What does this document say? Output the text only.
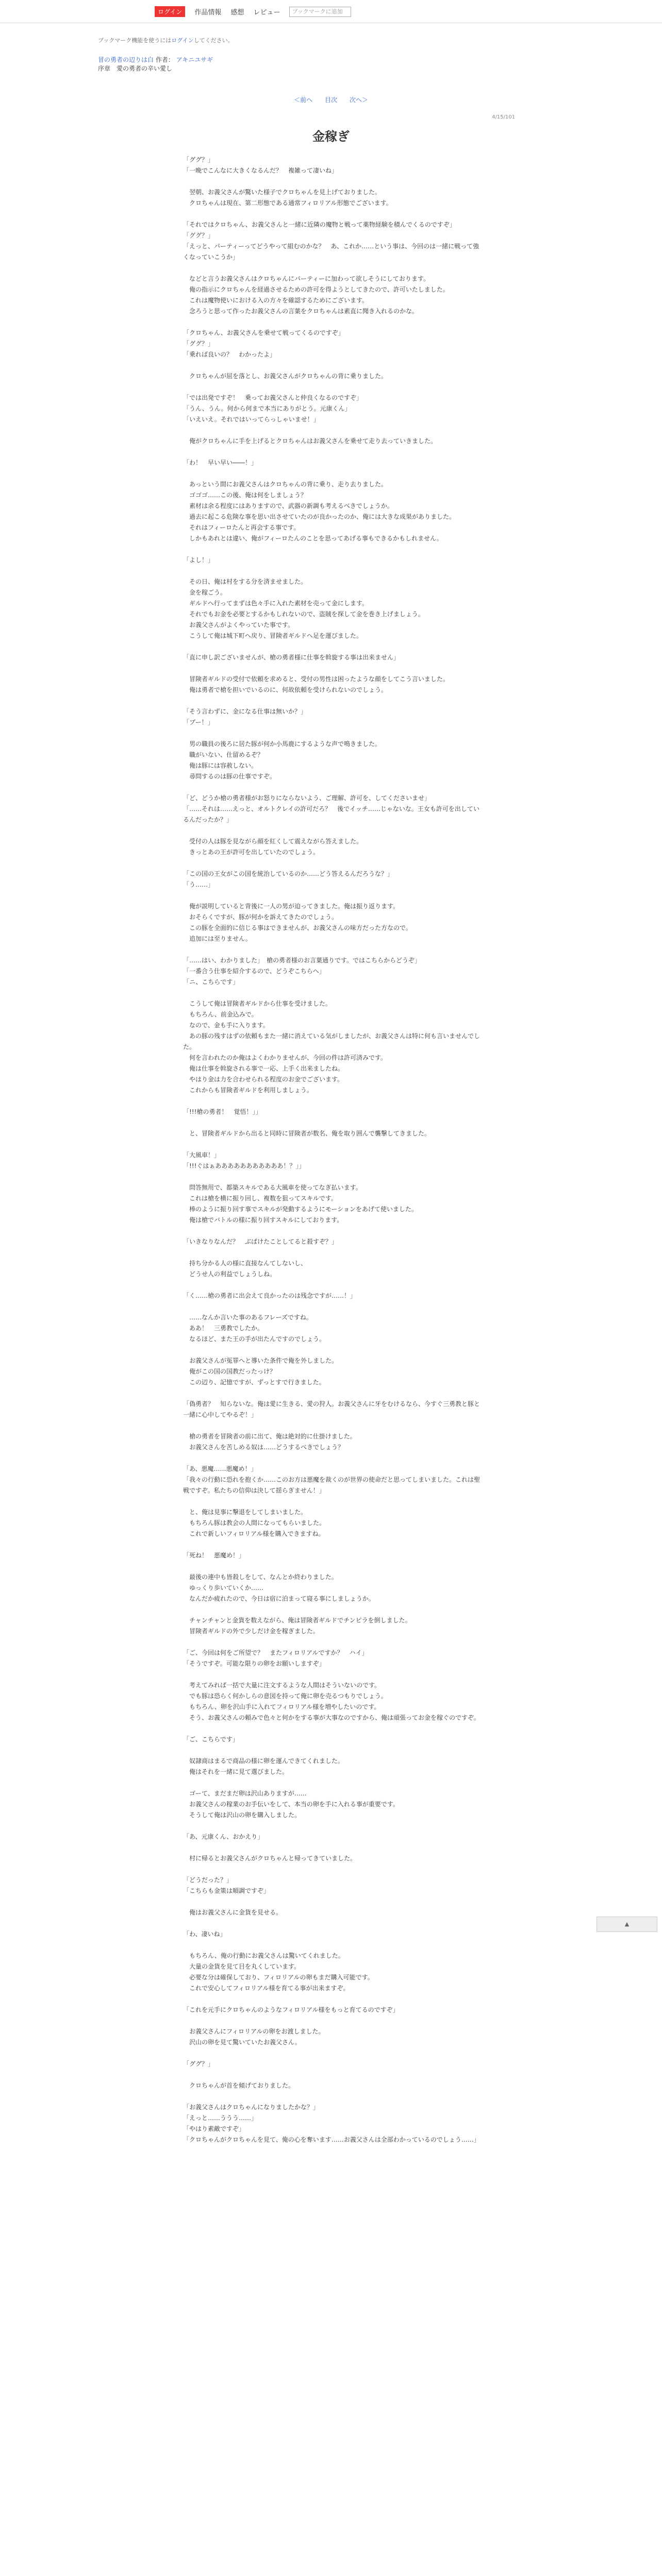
ログイン	作品情報 感想 レビュー	ブックマークに追加
ブックマーク機能を使うにはログインしてください。
冒の勇者の辺りは白 作者： アキニユサギ
序章　愛の勇者の辛い愛し
＜前へ 目次 次へ＞
4/15/101
金稼ぎ

「ググ？」

「一晩でこんなに大きくなるんだ？　複雑って凄いね」

　翌朝、お義父さんが驚いた様子でクロちゃんを見上げておりました。

　クロちゃんは現在、第二形態である通常フィロリアル形態でございます。

「それではクロちゃん、お義父さんと一緒に近隣の魔物と戦って薬物経験を積んでくるのですぞ」

「ググ？」

「えっと、パーティーってどうやって組むのかな？　あ、これか……という事は、今回のは一緒に戦って強くなっていこうか」

　などと言うお義父さんはクロちゃんにパーティーに加わって欲しそうにしております。

　俺の指示にクロちゃんを経過させるための許可を得ようとしてきたので、許可いたしました。

　これは魔物使いにおける入の方々を確認するためにございます。

　念ろうと思って作ったお義父さんの言葉をクロちゃんは素直に聞き入れるのかな。

「クロちゃん、お義父さんを乗せて戦ってくるのですぞ」

「ググ？」

「乗れば良いの？　わかったよ」

　クロちゃんが屈を落とし、お義父さんがクロちゃんの背に乗りました。

「では出発ですぞ！　乗ってお義父さんと仲良くなるのですぞ」

「うん、うん。何から何まで本当にありがとう。元康くん」

「いえいえ。それではいってらっしゃいませ！」

　俺がクロちゃんに手を上げるとクロちゃんはお義父さんを乗せて走り去っていきました。

「わ！　早い早い――！」

　あっという間にお義父さんはクロちゃんの背に乗り、走り去りました。

　ゴゴゴ……この後、俺は何をしましょう？

　素材は余る程度にはありますので、武器の新調も考えるべきでしょうか。

　過去に起こる危険な事を思い出させていたのが良かったのか、俺には大きな成果がありました。

　それはフィーロたんと再会する事です。

　しかもあれとは違い、俺がフィーロたんのことを思ってあげる事もできるかもしれません。

「よし！」

　その日、俺は村をする分を済ませました。

　金を稼ごう。

　ギルドへ行ってまずは色々手に入れた素材を売って金にします。

　それでもお金を必要とするかもしれないので、盗賊を探して金を巻き上げましょう。

　お義父さんがよくやっていた事です。

　こうして俺は城下町へ戻り、冒険者ギルドへ足を運びました。

「直に申し訳ございませんが、槍の勇者様に仕事を斡旋する事は出来ません」

　冒険者ギルドの受付で依頼を求めると、受付の男性は困ったような顔をしてこう言いました。

　俺は勇者で槍を担いでいるのに、何故依頼を受けられないのでしょう。

「そう言わずに、金になる仕事は無いか？」

「ブー！」

　男の職員の後ろに居た豚が何か小馬鹿にするような声で鳴きました。

　職がいない、仕留めるぞ？

　俺は豚には容赦しない。

　尋問するのは豚の仕事ですぞ。

「ど、どうか槍の勇者様がお怒りにならないよう、ご理解、許可を、してくださいませ」

「……それは……えっと、オルトクレイの許可だろ？　後でイッチ……じゃないな。王女も許可を出しているんだったか？」

　受付の人は豚を見ながら顔を紅くして震えながら答えました。

　きっとあの王が許可を出していたのでしょう。

「この国の王女がこの国を統治しているのか……どう答えるんだろうな？」

「う……」

　俺が説明していると背後に一人の男が迫ってきました。俺は振り返ります。

　おそらくですが、豚が何かを訴えてきたのでしょう。

　この豚を全面的に信じる事はできませんが、お義父さんの味方だった方なので。

　追加には至りません。

「……はい、わかりました」　槍の勇者様のお言葉通りです。ではこちらからどうぞ」

「一番合う仕事を紹介するので、どうぞこちらへ」

「ニ、こちらです」

　こうして俺は冒険者ギルドから仕事を受けました。

　もちろん、前金込みで。

　なので、金も手に入ります。

　あの豚の残すはずの依頼もまた一緒に消えている気がしましたが、お義父さんは特に何も言いませんでした。

　何を言われたのか俺はよくわかりませんが、今回の件は許可済みです。

　俺は仕事を斡旋される事で一応、上手く出来ましたね。

　やはり金は力を合わせられる程度のお金でございます。

　これからも冒険者ギルドを利用しましょう。

「!!!槍の勇者！　覚悟！」」

　と、冒険者ギルドから出ると同時に冒険者が数名、俺を取り囲んで襲撃してきました。

「大風車！」

「!!!ぐはぁあああああああああああ！？」」

　問答無用で、都築スキルである大風車を使ってなぎ払います。

　これは槍を横に振り回し、複数を狙ってスキルです。

　棒のように振り回す事でスキルが発動するようにモーションをあげて使いました。

　俺は槍でバトルの様に振り回すスキルにしております。

「いきなりなんだ？　ぶぱけたことしてると殺すぞ？」

　持ち分かる人の様に直接なんてしないし、

　どうせ人の利益でしょうしね。

「く……槍の勇者に出会えて良かったのは残念ですが……！」

　……なんか言いた事のあるフレーズですね。

　ああ！　三勇教でしたか。

　なるほど、また王の手が出たんですのでしょう。

　お義父さんが冤罪へと導いた条件で俺を外しました。

　俺がこの国の国教だったっけ？

　この辺り、記憶ですが、ずっとすで行きました。

「偽勇者？　知らないな。俺は愛に生きる、愛の狩人。お義父さんに牙をむけるなら、今すぐ三勇教と豚と一緒に心中してやるぞ！」

　槍の勇者を冒険者の前に出て、俺は絶対的に仕掛けました。

　お義父さんを苦しめる奴は……どうするべきでしょう？

「あ、悪魔……悪魔め！」

「我々の行動に恐れを抱くか……このお方は悪魔を裁くのが世界の使命だと思ってしまいました。これは聖戦ですぞ。私たちの信仰は決して揺らぎません！」

　と、俺は見事に撃退をしてしまいました。

　もちろん豚は教会の人間になってもらいました。

　これで新しいフィロリアル様を購入できますね。

「死ね！　悪魔め！」

　最後の連中も皆殺しをして、なんとか終わりました。

　ゆっくり歩いていくか……

　なんだか疲れたので、今日は宿に泊まって寝る事にしましょうか。

　チャンチャンと金貨を数えながら、俺は冒険者ギルドでチンピラを倒しました。

　冒険者ギルドの外で少しだけ金を稼ぎました。

「ご、今回は何をご所望で？　またフィロリアルですか？　ハイ」

「そうですぞ。可能な限りの卵をお願いしますぞ」

　考えてみれば一括で大量に注文するような人間はそういないのです。

　でも豚は恐らく何かしらの意図を持って俺に卵を売るつもりでしょう。

　もちろん、卵を沢山手に入れてフィロリアル様を増やしたいのです。

　そう、お義父さんの頼みで色々と何かをする事が大事なのですから、俺は頑張ってお金を稼ぐのですぞ。

「ご、こちらです」

　奴隷商はまるで商品の様に卵を運んできてくれました。

　俺はそれを一緒に見て選びました。

　ゴーて、まだまだ卵は沢山ありますが……

　お義父さんの稼業のお手伝いをして、本当の卵を手に入れる事が重要です。

　そうして俺は沢山の卵を購入しました。

「あ、元康くん、おかえり」

　村に帰るとお義父さんがクロちゃんと帰ってきていました。

「どうだった？」

「こちらも金策は順調ですぞ」

　俺はお義父さんに金貨を見せる。

「わ、凄いね」

　もちろん、俺の行動にお義父さんは驚いてくれました。

　大量の金貨を見て目を丸くしています。

　必要な分は確保しており、フィロリアルの卵もまだ購入可能です。

　これで安心してフィロリアル様を育てる事が出来ますぞ。

「これを元手にクロちゃんのようなフィロリアル様をもっと育てるのですぞ」

　お義父さんにフィロリアルの卵をお渡しました。

　沢山の卵を見て驚いていたお義父さん。

「ググ？」

　クロちゃんが首を傾げておりました。

「お義父さんはクロちゃんになりましたかな？」

「えっと……ううう……」

「やはり素敵ですぞ」

「クロちゃんがクロちゃんを見て、俺の心を奪います……お義父さんは全部わかっているのでしょう……」

▲
